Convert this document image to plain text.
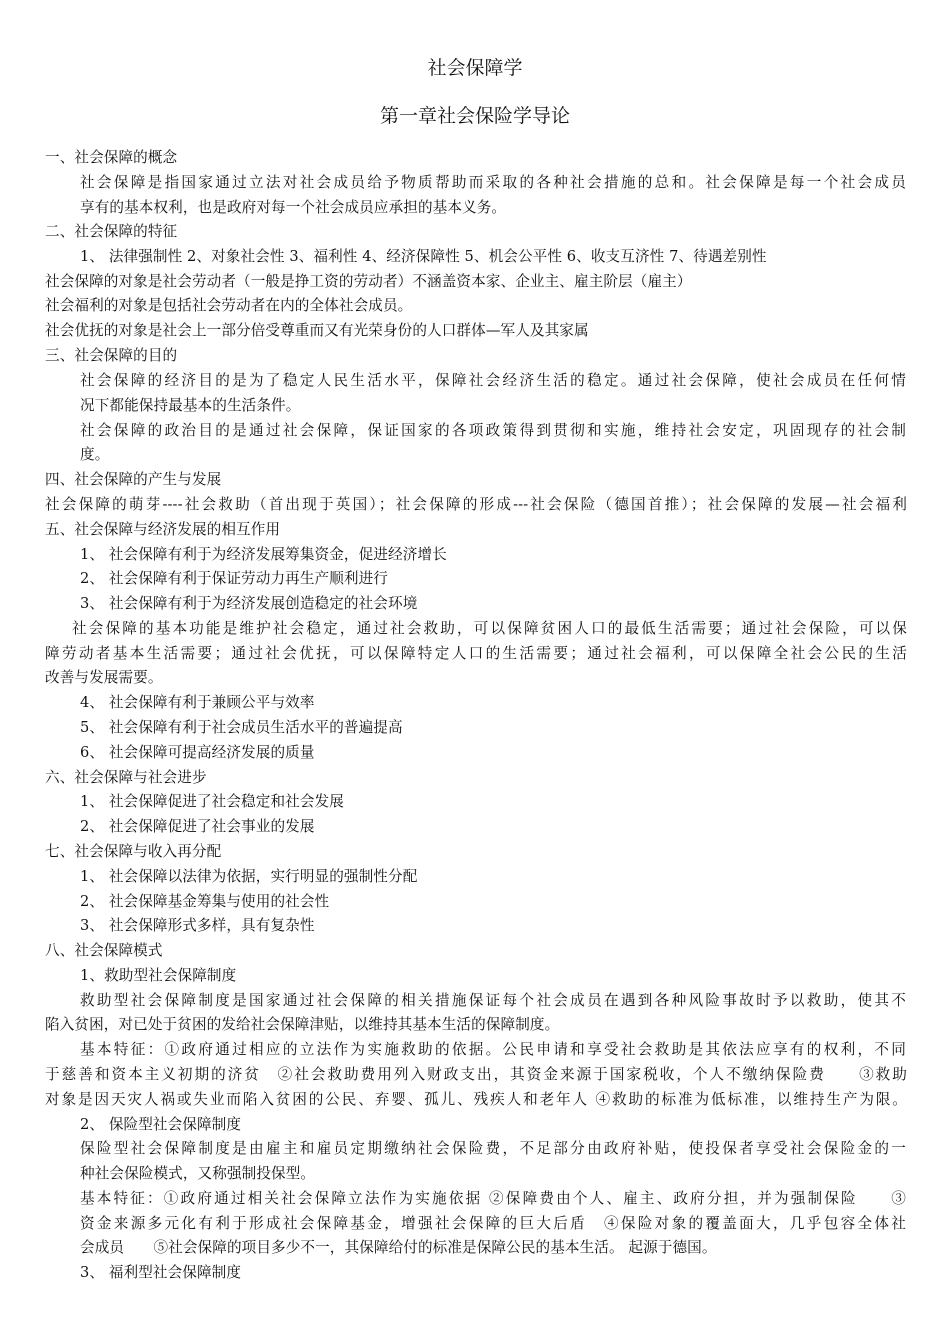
社会保障学
第一章社会保险学导论
一、社会保障的概念
社会保障是指国家通过立法对社会成员给予物质帮助而采取的各种社会措施的总和。社会保障是每一个社会成员
享有的基本权利，也是政府对每一个社会成员应承担的基本义务。
二、社会保障的特征
1、 法律强制性 2、对象社会性 3、福利性 4、经济保障性 5、机会公平性 6、收支互济性 7、待遇差别性
社会保障的对象是社会劳动者（一般是挣工资的劳动者）不涵盖资本家、企业主、雇主阶层（雇主）
社会福利的对象是包括社会劳动者在内的全体社会成员。
社会优抚的对象是社会上一部分倍受尊重而又有光荣身份的人口群体—军人及其家属
三、社会保障的目的
社会保障的经济目的是为了稳定人民生活水平，保障社会经济生活的稳定。通过社会保障，使社会成员在任何情
况下都能保持最基本的生活条件。
社会保障的政治目的是通过社会保障，保证国家的各项政策得到贯彻和实施，维持社会安定，巩固现存的社会制
度。
四、社会保障的产生与发展
社会保障的萌芽----社会救助（首出现于英国）；社会保障的形成---社会保险（德国首推）；社会保障的发展—社会福利
五、社会保障与经济发展的相互作用
1、 社会保障有利于为经济发展筹集资金，促进经济增长
2、 社会保障有利于保证劳动力再生产顺利进行
3、 社会保障有利于为经济发展创造稳定的社会环境
社会保障的基本功能是维护社会稳定，通过社会救助，可以保障贫困人口的最低生活需要；通过社会保险，可以保
障劳动者基本生活需要；通过社会优抚，可以保障特定人口的生活需要；通过社会福利，可以保障全社会公民的生活
改善与发展需要。
4、 社会保障有利于兼顾公平与效率
5、 社会保障有利于社会成员生活水平的普遍提高
6、 社会保障可提高经济发展的质量
六、社会保障与社会进步
1、 社会保障促进了社会稳定和社会发展
2、 社会保障促进了社会事业的发展
七、社会保障与收入再分配
1、 社会保障以法律为依据，实行明显的强制性分配
2、 社会保障基金筹集与使用的社会性
3、 社会保障形式多样，具有复杂性
八、社会保障模式
1、救助型社会保障制度
救助型社会保障制度是国家通过社会保障的相关措施保证每个社会成员在遇到各种风险事故时予以救助，使其不
陷入贫困，对已处于贫困的发给社会保障津贴，以维持其基本生活的保障制度。
基本特征：①政府通过相应的立法作为实施救助的依据。公民申请和享受社会救助是其依法应享有的权利，不同
于慈善和资本主义初期的济贫　②社会救助费用列入财政支出，其资金来源于国家税收，个人不缴纳保险费　　③救助
对象是因天灾人祸或失业而陷入贫困的公民、弃婴、孤儿、残疾人和老年人 ④救助的标准为低标准，以维持生产为限。
2、 保险型社会保障制度
保险型社会保障制度是由雇主和雇员定期缴纳社会保险费，不足部分由政府补贴，使投保者享受社会保险金的一
种社会保险模式，又称强制投保型。
基本特征：①政府通过相关社会保障立法作为实施依据 ②保障费由个人、雇主、政府分担，并为强制保险　　③
资金来源多元化有利于形成社会保障基金，增强社会保障的巨大后盾　④保险对象的覆盖面大，几乎包容全体社
会成员　　⑤社会保障的项目多少不一，其保障给付的标准是保障公民的基本生活。 起源于德国。
3、 福利型社会保障制度
